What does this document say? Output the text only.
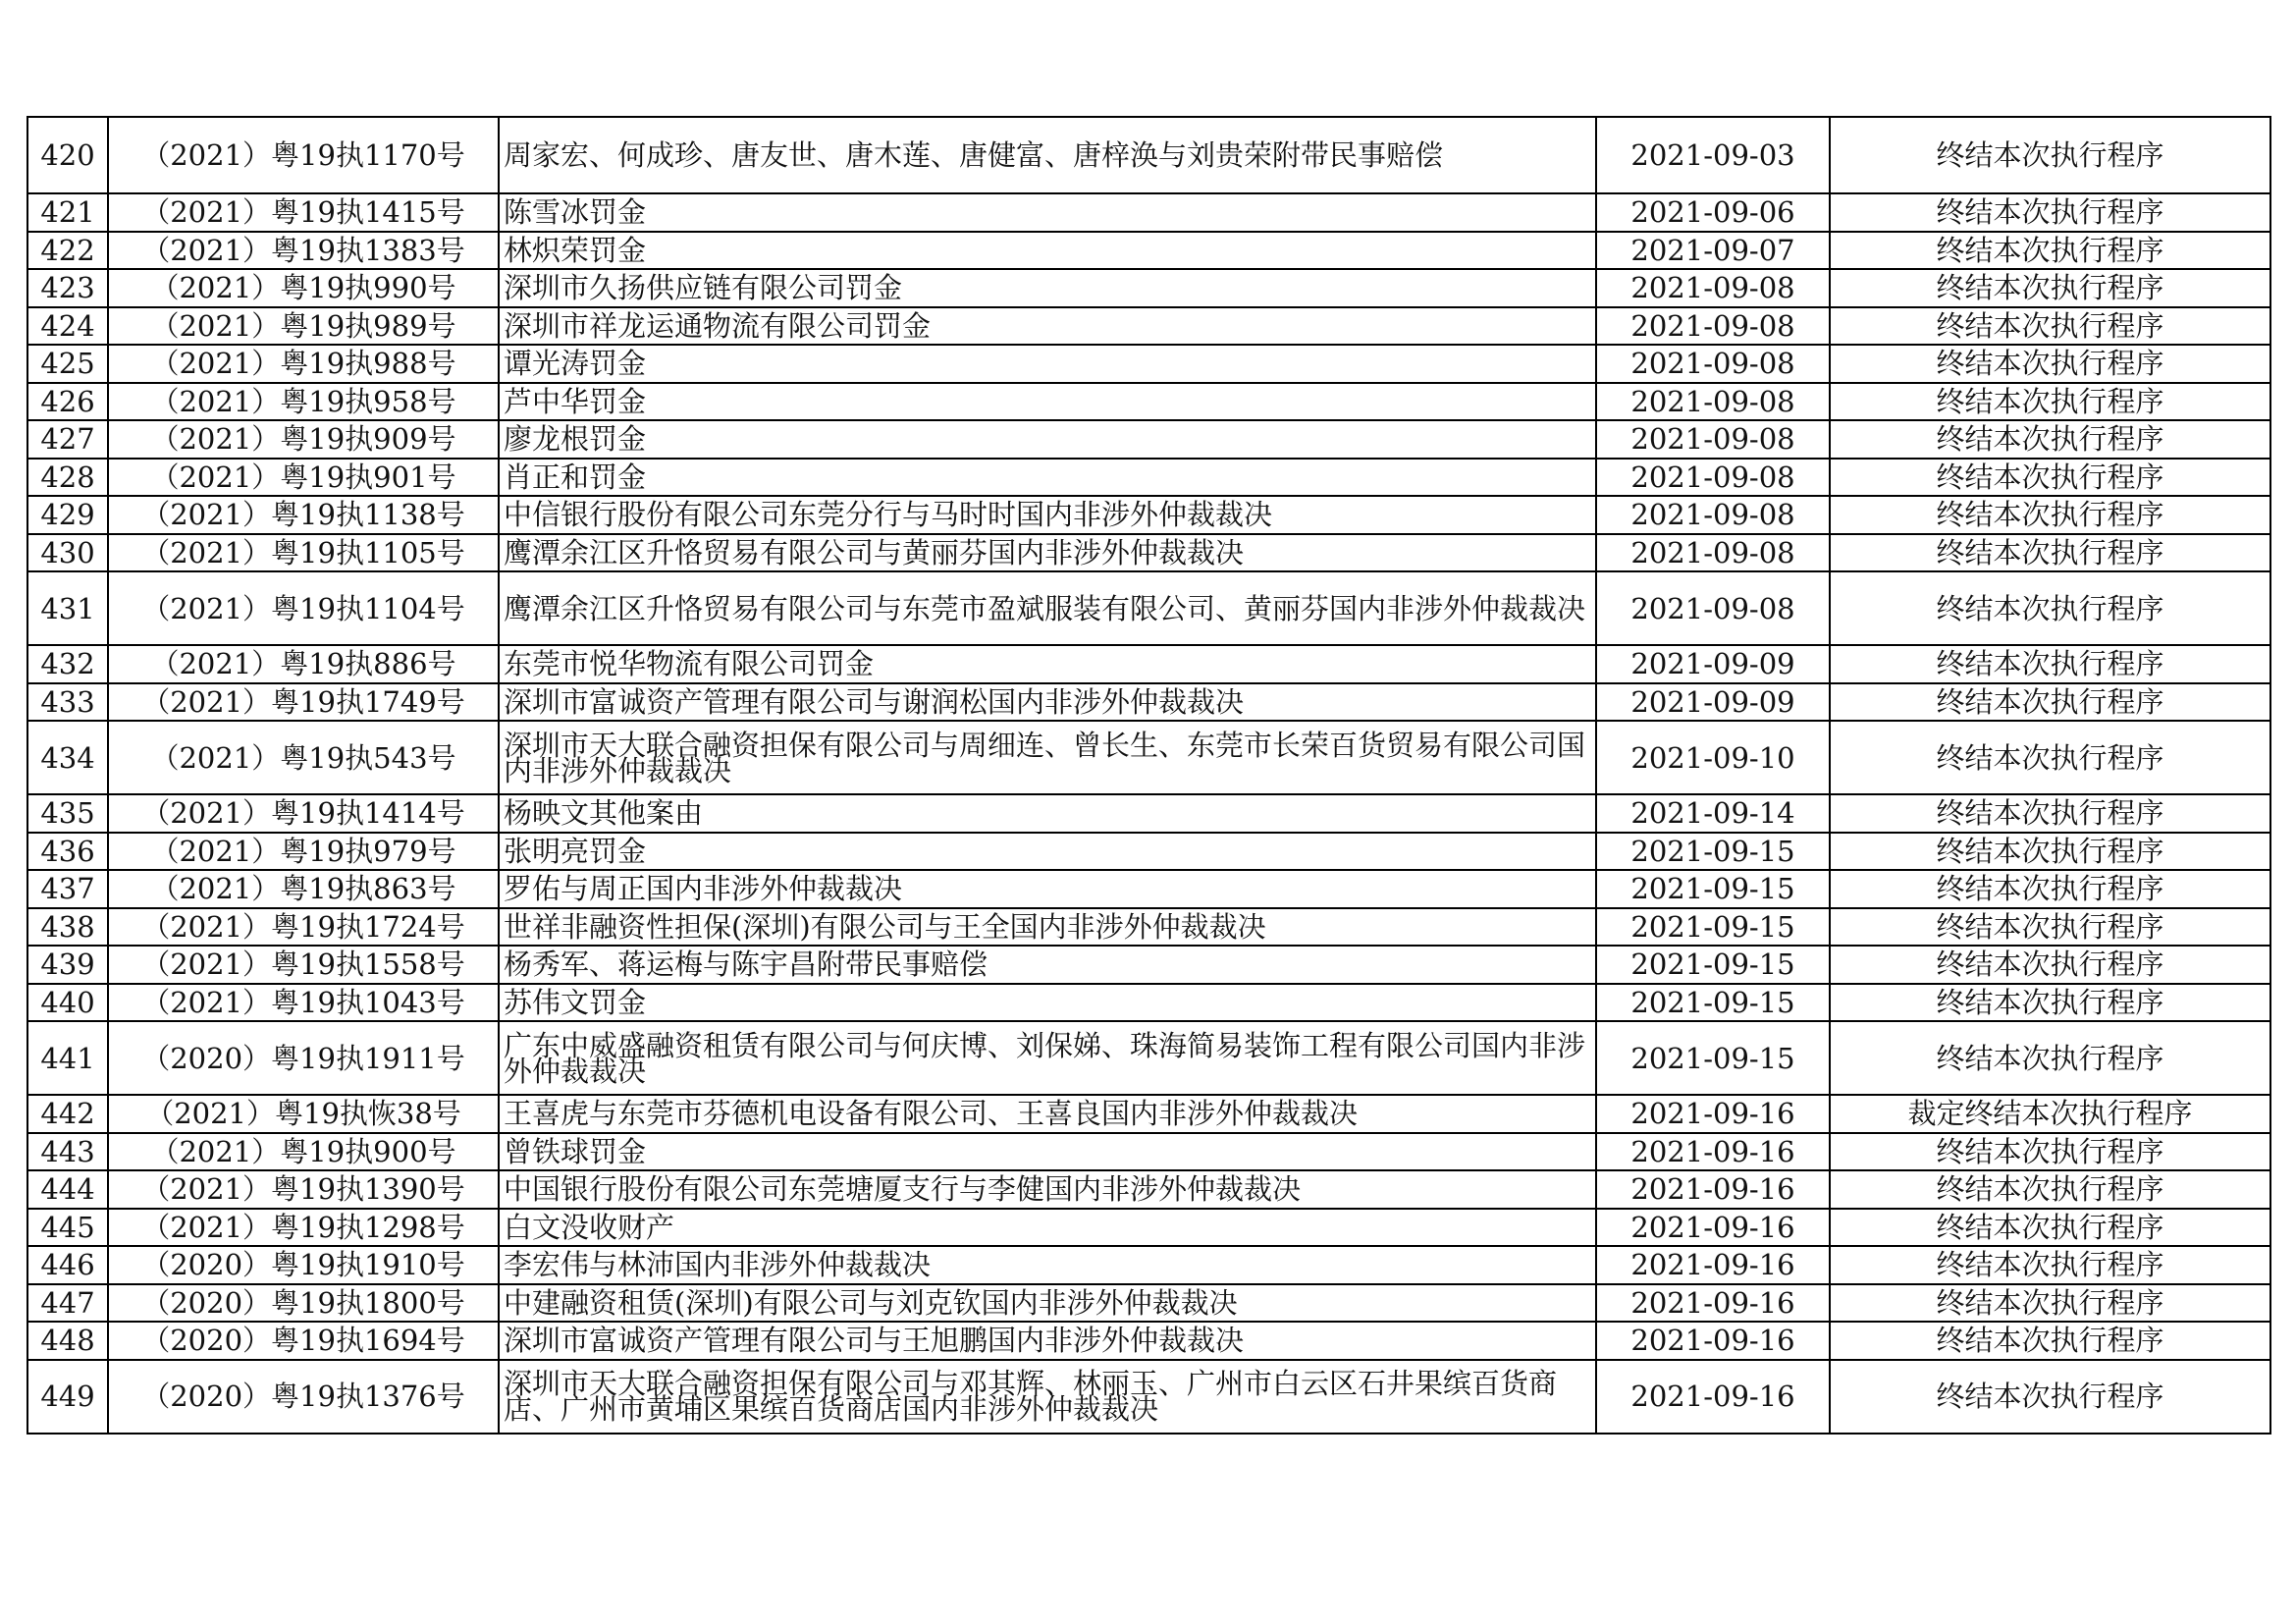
420	（2021）粤19执1170号	周家宏、何成珍、唐友世、唐木莲、唐健富、唐梓涣与刘贵荣附带民事赔偿	2021-09-03	终结本次执行程序
421	（2021）粤19执1415号	陈雪冰罚金	2021-09-06	终结本次执行程序
422	（2021）粤19执1383号	林炽荣罚金	2021-09-07	终结本次执行程序
423	（2021）粤19执990号	深圳市久扬供应链有限公司罚金	2021-09-08	终结本次执行程序
424	（2021）粤19执989号	深圳市祥龙运通物流有限公司罚金	2021-09-08	终结本次执行程序
425	（2021）粤19执988号	谭光涛罚金	2021-09-08	终结本次执行程序
426	（2021）粤19执958号	芦中华罚金	2021-09-08	终结本次执行程序
427	（2021）粤19执909号	廖龙根罚金	2021-09-08	终结本次执行程序
428	（2021）粤19执901号	肖正和罚金	2021-09-08	终结本次执行程序
429	（2021）粤19执1138号	中信银行股份有限公司东莞分行与马时时国内非涉外仲裁裁决	2021-09-08	终结本次执行程序
430	（2021）粤19执1105号	鹰潭余江区升恪贸易有限公司与黄丽芬国内非涉外仲裁裁决	2021-09-08	终结本次执行程序
431	（2021）粤19执1104号	鹰潭余江区升恪贸易有限公司与东莞市盈斌服装有限公司、黄丽芬国内非涉外仲裁裁决	2021-09-08	终结本次执行程序
432	（2021）粤19执886号	东莞市悦华物流有限公司罚金	2021-09-09	终结本次执行程序
433	（2021）粤19执1749号	深圳市富诚资产管理有限公司与谢润松国内非涉外仲裁裁决	2021-09-09	终结本次执行程序
434	（2021）粤19执543号	深圳市天大联合融资担保有限公司与周细连、曾长生、东莞市长荣百货贸易有限公司国内非涉外仲裁裁决	2021-09-10	终结本次执行程序
435	（2021）粤19执1414号	杨映文其他案由	2021-09-14	终结本次执行程序
436	（2021）粤19执979号	张明亮罚金	2021-09-15	终结本次执行程序
437	（2021）粤19执863号	罗佑与周正国内非涉外仲裁裁决	2021-09-15	终结本次执行程序
438	（2021）粤19执1724号	世祥非融资性担保(深圳)有限公司与王全国内非涉外仲裁裁决	2021-09-15	终结本次执行程序
439	（2021）粤19执1558号	杨秀军、蒋运梅与陈宇昌附带民事赔偿	2021-09-15	终结本次执行程序
440	（2021）粤19执1043号	苏伟文罚金	2021-09-15	终结本次执行程序
441	（2020）粤19执1911号	广东中威盛融资租赁有限公司与何庆博、刘保娣、珠海简易装饰工程有限公司国内非涉外仲裁裁决	2021-09-15	终结本次执行程序
442	（2021）粤19执恢38号	王喜虎与东莞市芬德机电设备有限公司、王喜良国内非涉外仲裁裁决	2021-09-16	裁定终结本次执行程序
443	（2021）粤19执900号	曾铁球罚金	2021-09-16	终结本次执行程序
444	（2021）粤19执1390号	中国银行股份有限公司东莞塘厦支行与李健国内非涉外仲裁裁决	2021-09-16	终结本次执行程序
445	（2021）粤19执1298号	白文没收财产	2021-09-16	终结本次执行程序
446	（2020）粤19执1910号	李宏伟与林沛国内非涉外仲裁裁决	2021-09-16	终结本次执行程序
447	（2020）粤19执1800号	中建融资租赁(深圳)有限公司与刘克钦国内非涉外仲裁裁决	2021-09-16	终结本次执行程序
448	（2020）粤19执1694号	深圳市富诚资产管理有限公司与王旭鹏国内非涉外仲裁裁决	2021-09-16	终结本次执行程序
449	（2020）粤19执1376号	深圳市天大联合融资担保有限公司与邓其辉、林丽玉、广州市白云区石井果缤百货商店、广州市黄埔区果缤百货商店国内非涉外仲裁裁决	2021-09-16	终结本次执行程序
